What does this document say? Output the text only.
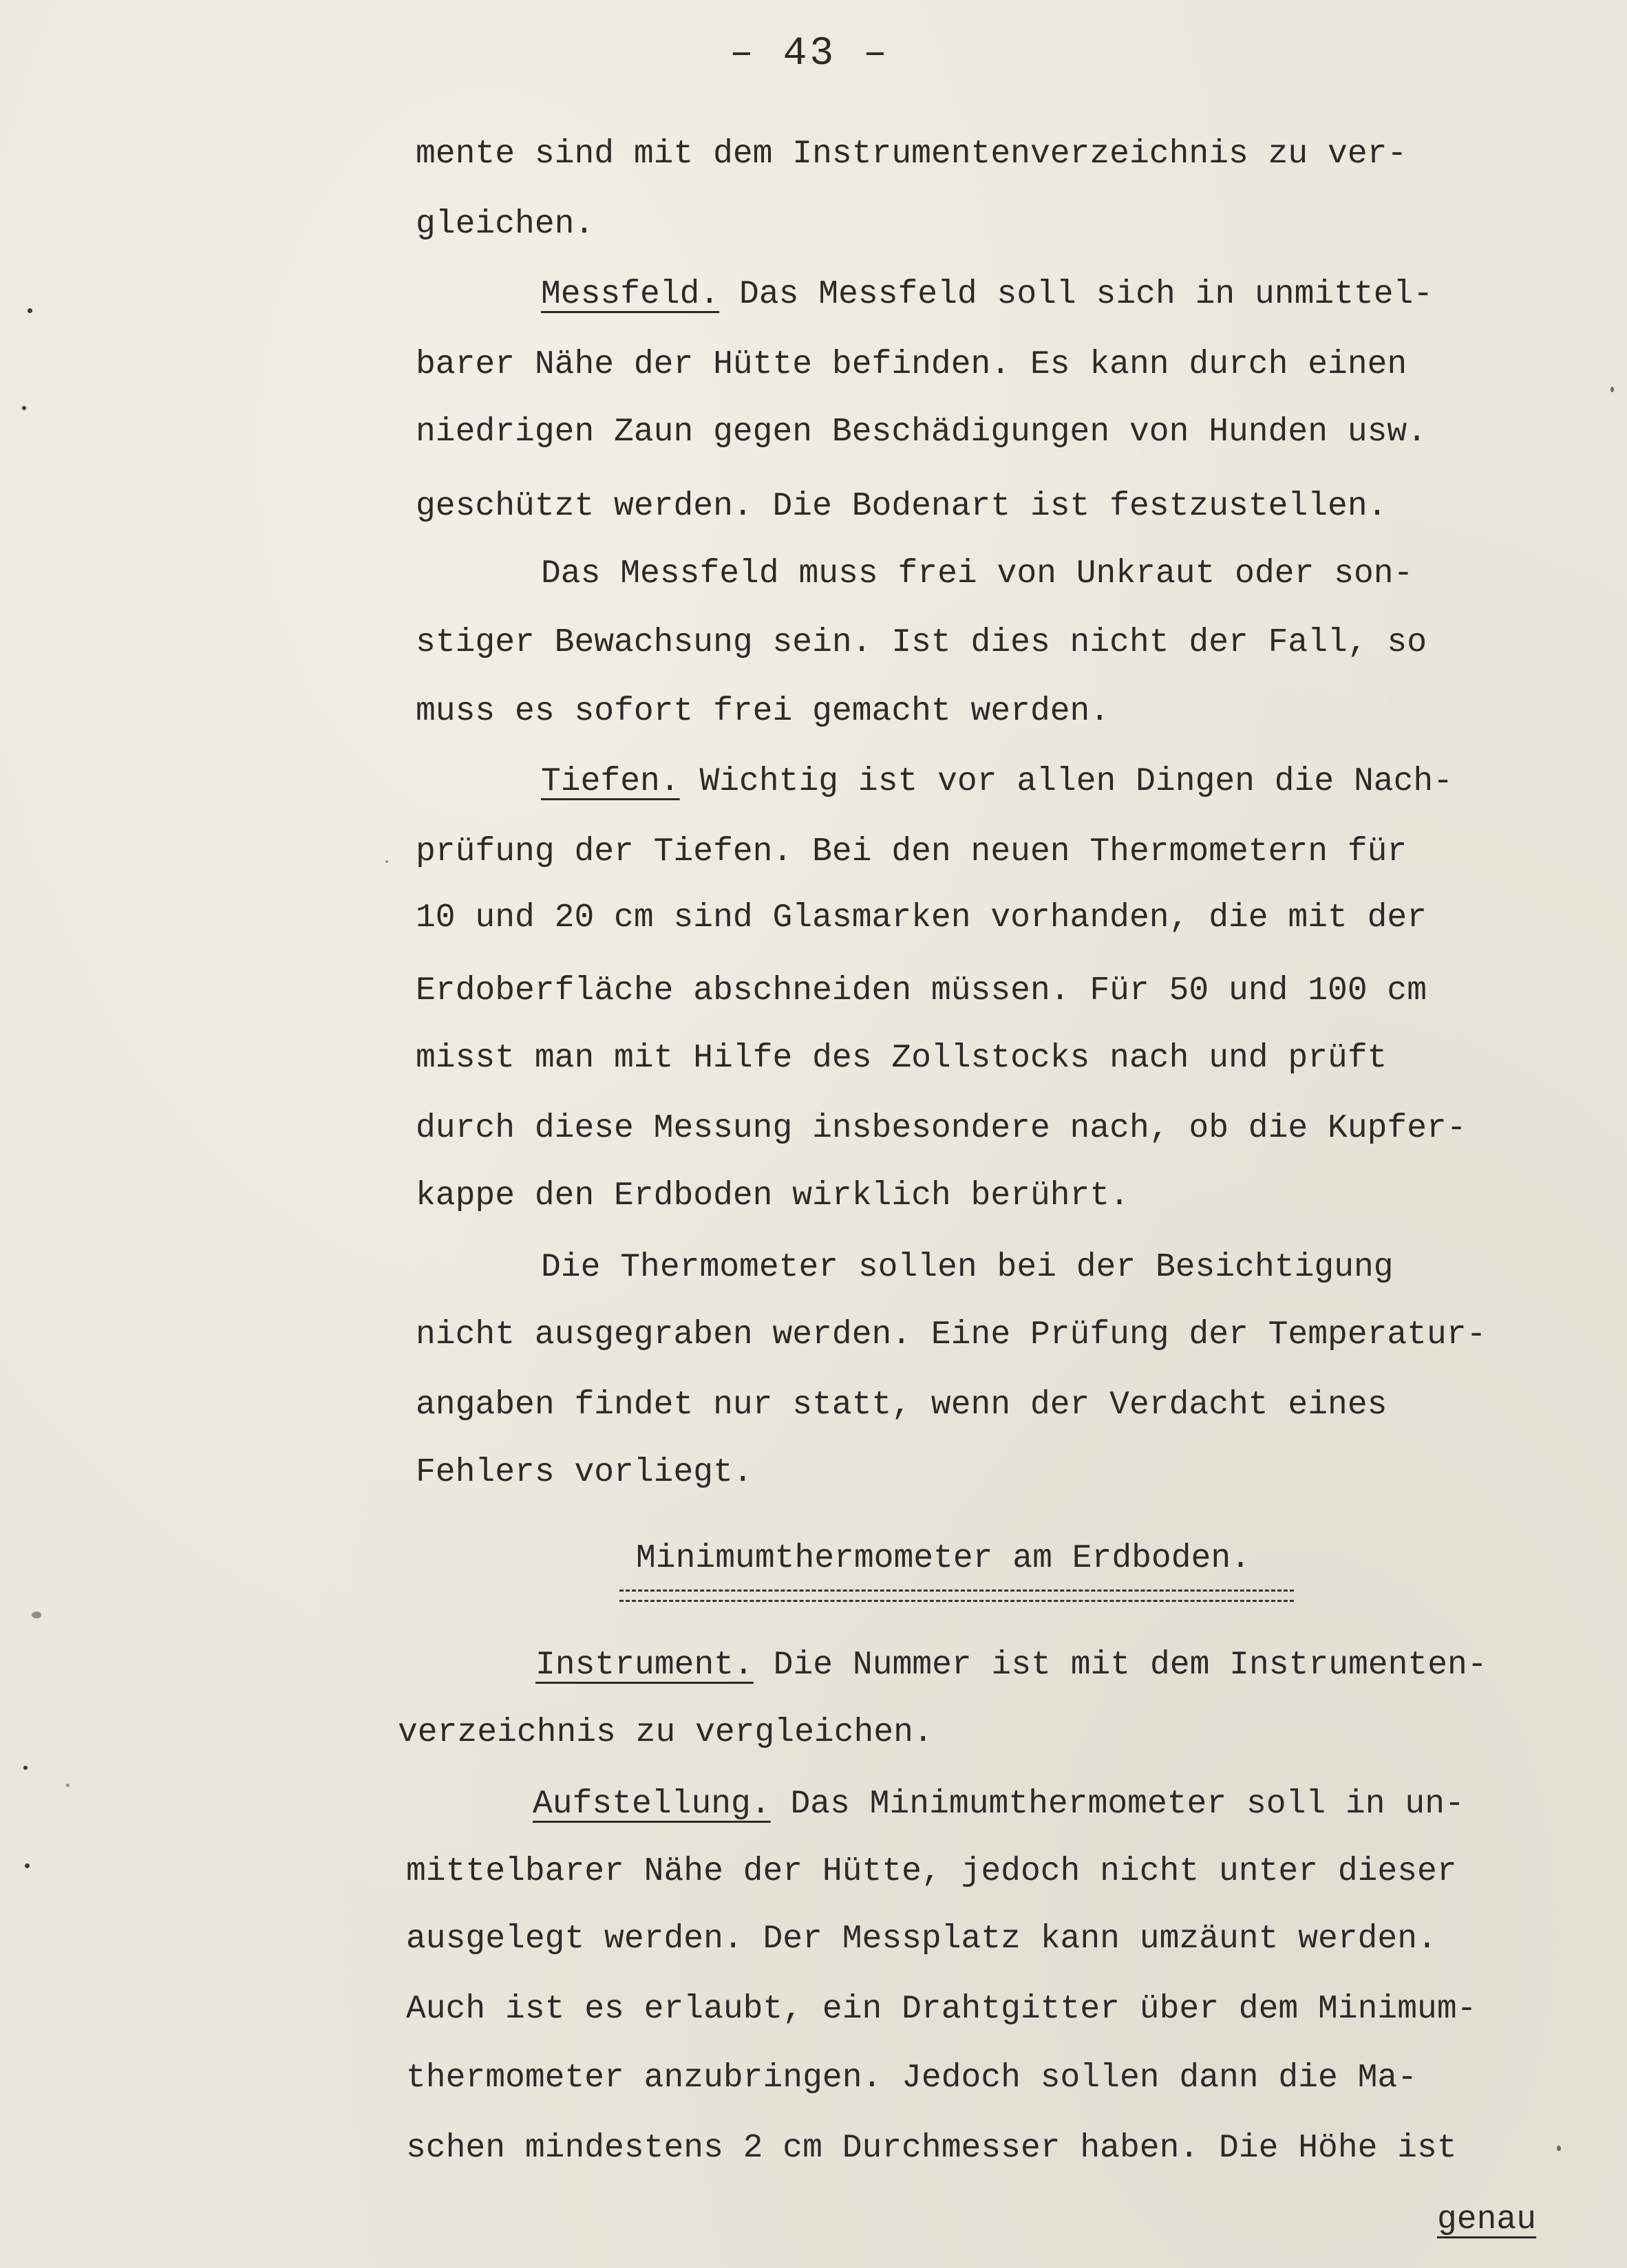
– 43 –
mente sind mit dem Instrumentenverzeichnis zu ver-
gleichen.
Messfeld. Das Messfeld soll sich in unmittel-
barer Nähe der Hütte befinden. Es kann durch einen
niedrigen Zaun gegen Beschädigungen von Hunden usw.
geschützt werden. Die Bodenart ist festzustellen.
Das Messfeld muss frei von Unkraut oder son-
stiger Bewachsung sein. Ist dies nicht der Fall, so
muss es sofort frei gemacht werden.
Tiefen. Wichtig ist vor allen Dingen die Nach-
prüfung der Tiefen. Bei den neuen Thermometern für
10 und 20 cm sind Glasmarken vorhanden, die mit der
Erdoberfläche abschneiden müssen. Für 50 und 100 cm
misst man mit Hilfe des Zollstocks nach und prüft
durch diese Messung insbesondere nach, ob die Kupfer-
kappe den Erdboden wirklich berührt.
Die Thermometer sollen bei der Besichtigung
nicht ausgegraben werden. Eine Prüfung der Temperatur-
angaben findet nur statt, wenn der Verdacht eines
Fehlers vorliegt.
Minimumthermometer am Erdboden.
Instrument. Die Nummer ist mit dem Instrumenten-
verzeichnis zu vergleichen.
Aufstellung. Das Minimumthermometer soll in un-
mittelbarer Nähe der Hütte, jedoch nicht unter dieser
ausgelegt werden. Der Messplatz kann umzäunt werden.
Auch ist es erlaubt, ein Drahtgitter über dem Minimum-
thermometer anzubringen. Jedoch sollen dann die Ma-
schen mindestens 2 cm Durchmesser haben. Die Höhe ist
genau
